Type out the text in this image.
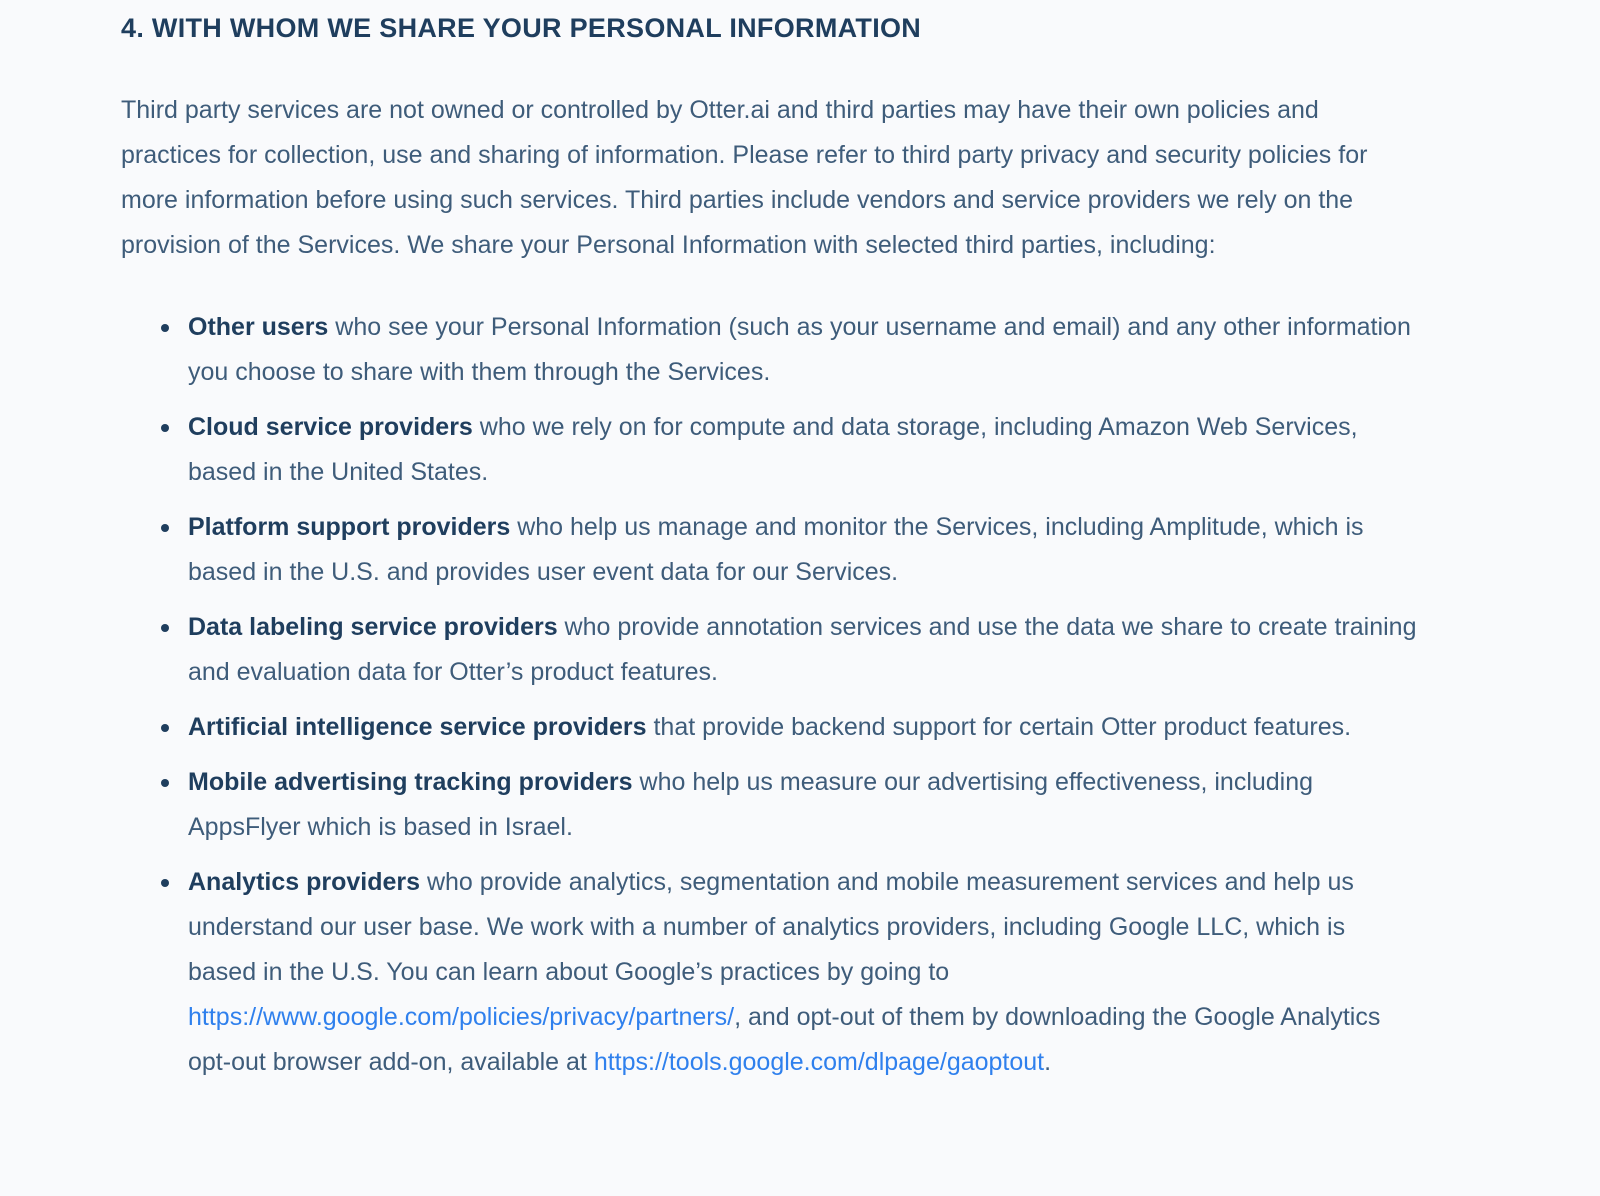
4. WITH WHOM WE SHARE YOUR PERSONAL INFORMATION

Third party services are not owned or controlled by Otter.ai and third parties may have their own policies and practices for collection, use and sharing of information. Please refer to third party privacy and security policies for more information before using such services. Third parties include vendors and service providers we rely on the provision of the Services. We share your Personal Information with selected third parties, including:

Other users who see your Personal Information (such as your username and email) and any other information you choose to share with them through the Services.
Cloud service providers who we rely on for compute and data storage, including Amazon Web Services, based in the United States.
Platform support providers who help us manage and monitor the Services, including Amplitude, which is based in the U.S. and provides user event data for our Services.
Data labeling service providers who provide annotation services and use the data we share to create training and evaluation data for Otter’s product features.
Artificial intelligence service providers that provide backend support for certain Otter product features.
Mobile advertising tracking providers who help us measure our advertising effectiveness, including AppsFlyer which is based in Israel.
Analytics providers who provide analytics, segmentation and mobile measurement services and help us understand our user base. We work with a number of analytics providers, including Google LLC, which is based in the U.S. You can learn about Google’s practices by going to https://www.google.com/policies/privacy/partners/, and opt-out of them by downloading the Google Analytics opt-out browser add-on, available at https://tools.google.com/dlpage/gaoptout.
